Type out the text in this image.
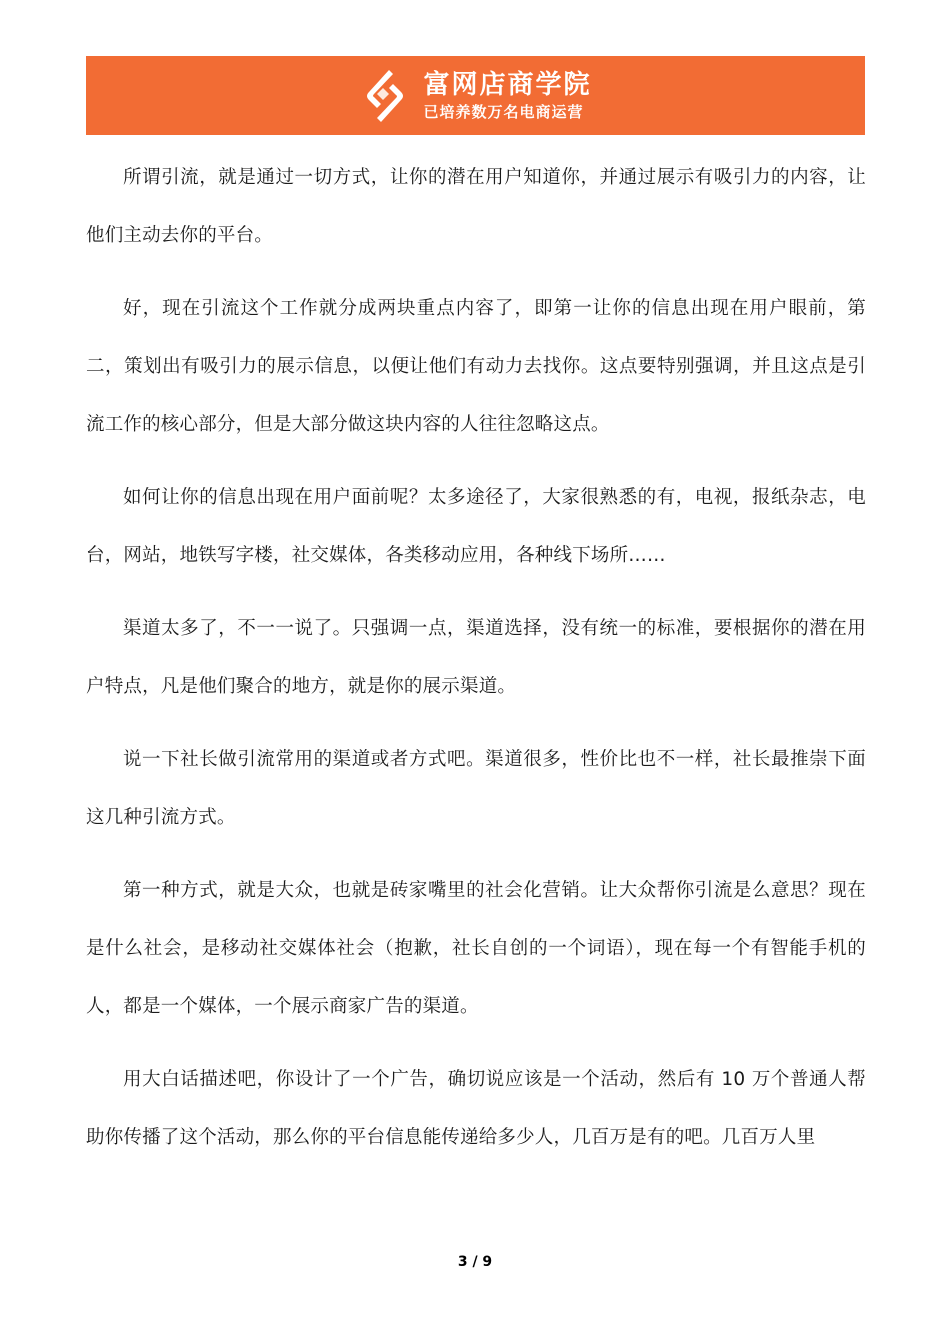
富网店商学院
已培养数万名电商运营

所谓引流，就是通过一切方式，让你的潜在用户知道你，并通过展示有吸引力的内容，让他们主动去你的平台。

好，现在引流这个工作就分成两块重点内容了，即第一让你的信息出现在用户眼前，第二，策划出有吸引力的展示信息，以便让他们有动力去找你。这点要特别强调，并且这点是引流工作的核心部分，但是大部分做这块内容的人往往忽略这点。

如何让你的信息出现在用户面前呢？太多途径了，大家很熟悉的有，电视，报纸杂志，电台，网站，地铁写字楼，社交媒体，各类移动应用，各种线下场所……

渠道太多了，不一一说了。只强调一点，渠道选择，没有统一的标准，要根据你的潜在用户特点，凡是他们聚合的地方，就是你的展示渠道。

说一下社长做引流常用的渠道或者方式吧。渠道很多，性价比也不一样，社长最推崇下面这几种引流方式。

第一种方式，就是大众，也就是砖家嘴里的社会化营销。让大众帮你引流是么意思？现在是什么社会，是移动社交媒体社会（抱歉，社长自创的一个词语），现在每一个有智能手机的人，都是一个媒体，一个展示商家广告的渠道。

用大白话描述吧，你设计了一个广告，确切说应该是一个活动，然后有 10 万个普通人帮助你传播了这个活动，那么你的平台信息能传递给多少人，几百万是有的吧。几百万人里

3 / 9
